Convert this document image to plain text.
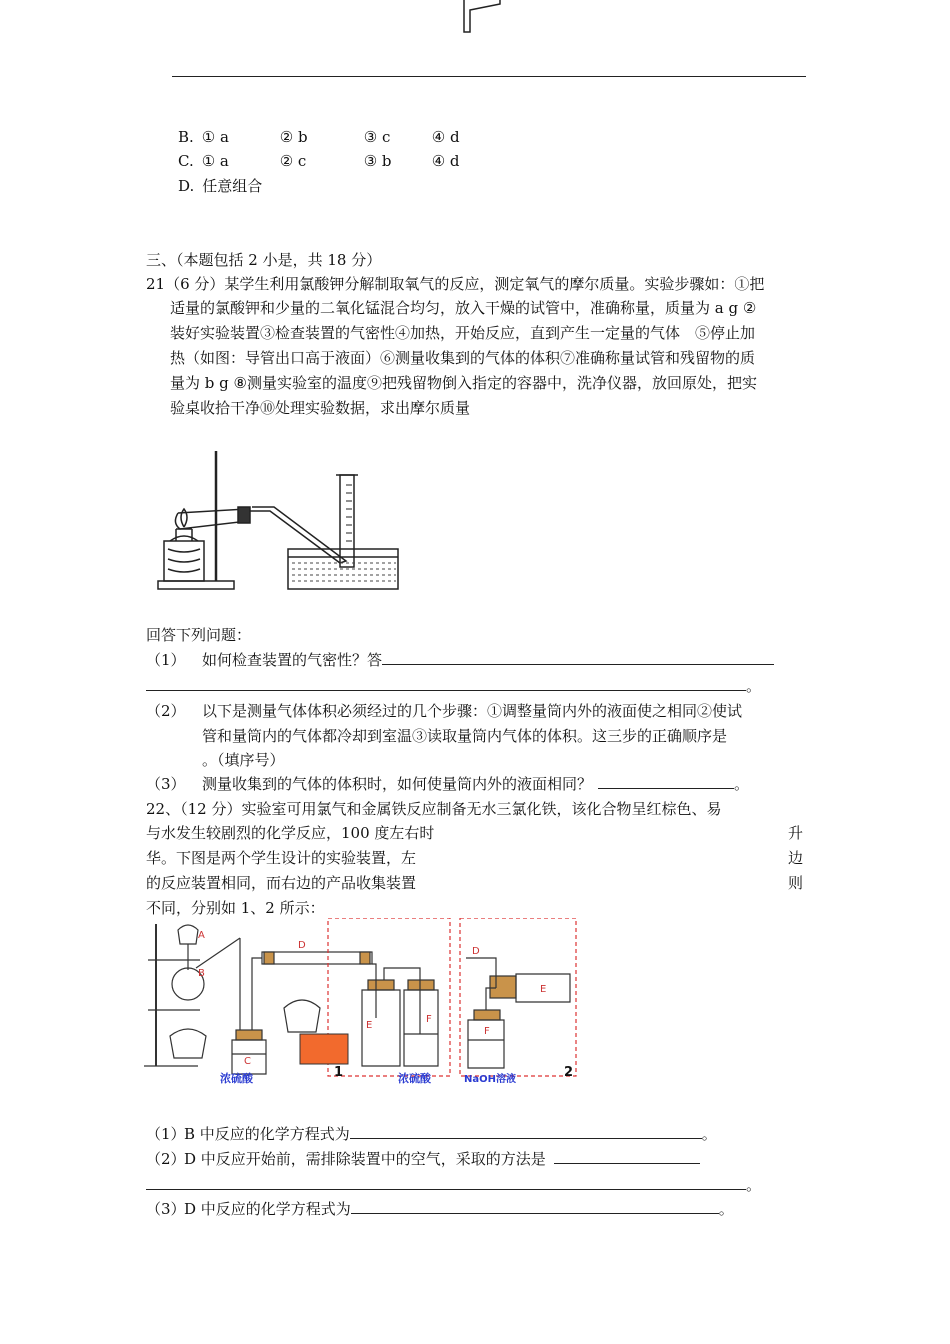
B. ① a	② b	③ c	④ d
C. ① a	② c	③ b	④ d
D. 任意组合
三、（本题包括 2 小是，共 18 分）
21（6 分）某学生利用氯酸钾分解制取氧气的反应，测定氧气的摩尔质量。实验步骤如：①把
适量的氯酸钾和少量的二氧化锰混合均匀，放入干燥的试管中，准确称量，质量为 a g ②
装好实验装置③检查装置的气密性④加热，开始反应，直到产生一定量的气体　⑤停止加
热（如图：导管出口高于液面）⑥测量收集到的气体的体积⑦准确称量试管和残留物的质
量为 b g ⑧测量实验室的温度⑨把残留物倒入指定的容器中，洗净仪器，放回原处，把实
验桌收拾干净⑩处理实验数据，求出摩尔质量
回答下列问题：
（1） 如何检查装置的气密性？答
。
（2） 以下是测量气体体积必须经过的几个步骤：①调整量筒内外的液面使之相同②使试
管和量筒内的气体都冷却到室温③读取量筒内气体的体积。这三步的正确顺序是
。（填序号）
（3） 测量收集到的气体的体积时，如何使量筒内外的液面相同？	。
22、（12 分）实验室可用氯气和金属铁反应制备无水三氯化铁，该化合物呈红棕色、易
与水发生较剧烈的化学反应，100 度左右时	升
华。下图是两个学生设计的实验装置，左	边
的反应装置相同，而右边的产品收集装置	则
不同，分别如 1、2 所示：
A
B
C
D
D
E
E
F
F
浓硫酸	浓硫酸	NaOH溶液
1	2
（1）B 中反应的化学方程式为	。
（2）D 中反应开始前，需排除装置中的空气，采取的方法是
。
（3）D 中反应的化学方程式为	。
